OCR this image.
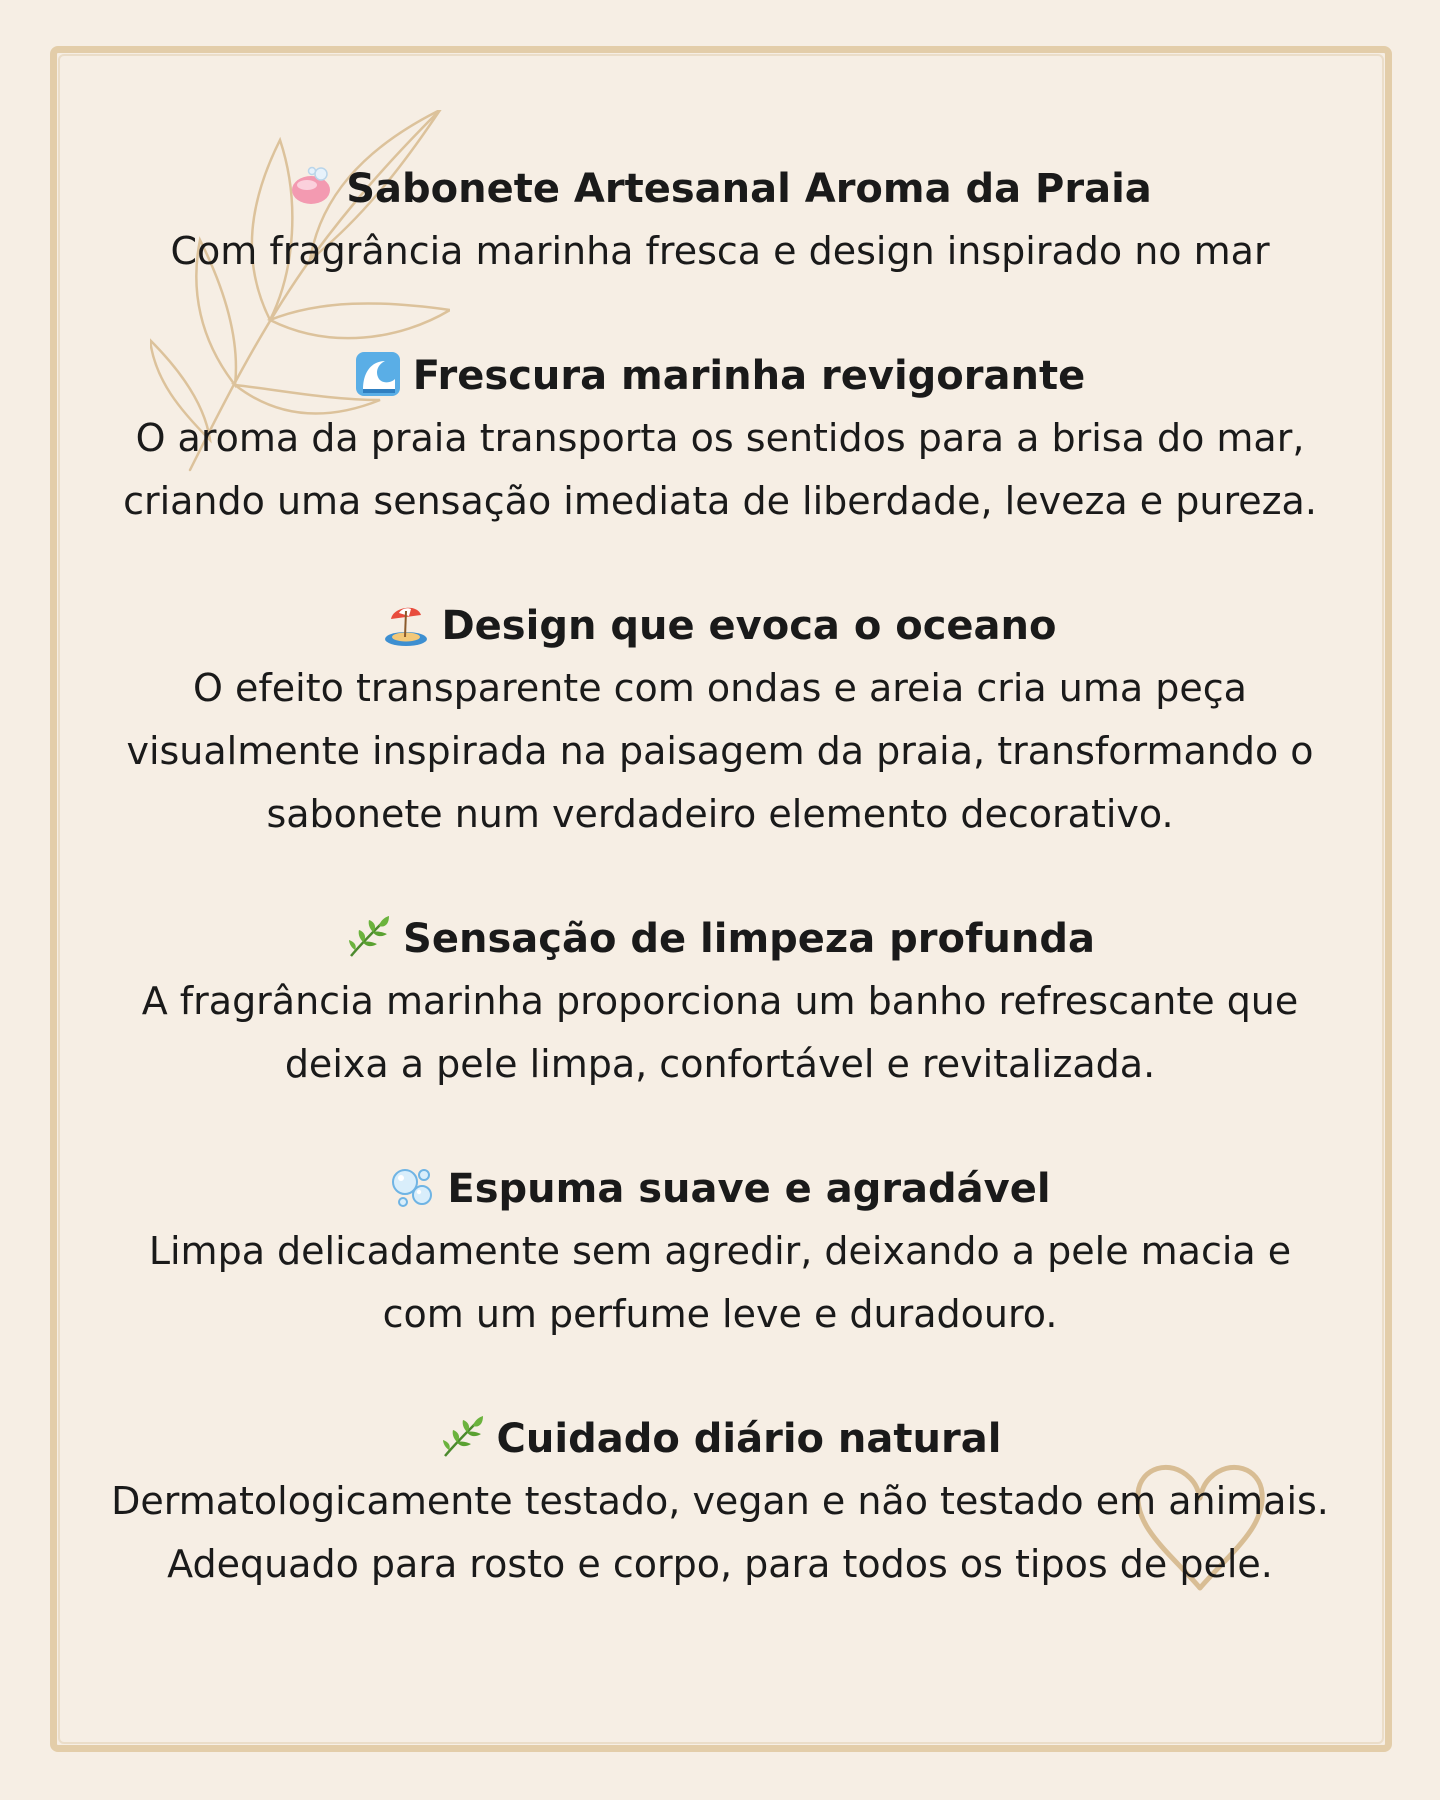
Sabonete Artesanal Aroma da Praia

Com fragrância marinha fresca e design inspirado no mar

Frescura marinha revigorante

O aroma da praia transporta os sentidos para a brisa do mar,

criando uma sensação imediata de liberdade, leveza e pureza.

Design que evoca o oceano

O efeito transparente com ondas e areia cria uma peça

visualmente inspirada na paisagem da praia, transformando o

sabonete num verdadeiro elemento decorativo.

Sensação de limpeza profunda

A fragrância marinha proporciona um banho refrescante que

deixa a pele limpa, confortável e revitalizada.

Espuma suave e agradável

Limpa delicadamente sem agredir, deixando a pele macia e

com um perfume leve e duradouro.

Cuidado diário natural

Dermatologicamente testado, vegan e não testado em animais.

Adequado para rosto e corpo, para todos os tipos de pele.
